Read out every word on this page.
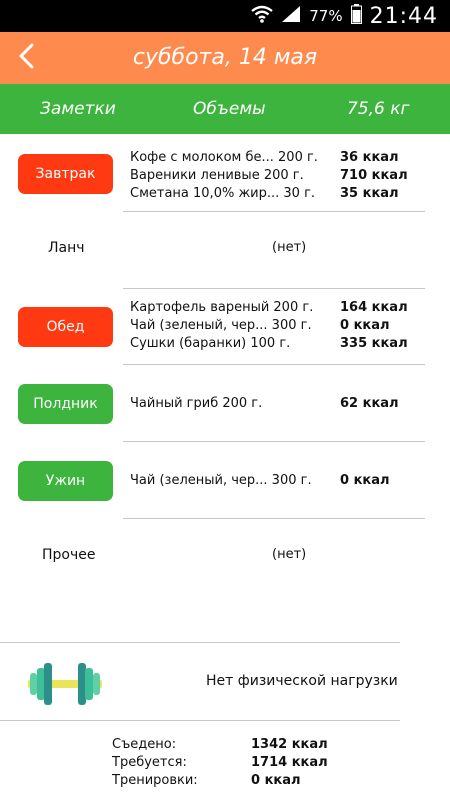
77% 21:44
суббота, 14 мая
Заметки	Объемы	75,6 кг
Завтрак
Кофе с молоком бе... 200 г.	36 ккал
Вареники ленивые 200 г.	710 ккал
Сметана 10,0% жир... 30 г.	35 ккал
Ланч	(нет)
Обед
Картофель вареный 200 г.	164 ккал
Чай (зеленый, чер... 300 г.	0 ккал
Сушки (баранки) 100 г.	335 ккал
Полдник	Чайный гриб 200 г.	62 ккал
Ужин	Чай (зеленый, чер... 300 г.	0 ккал
Прочее	(нет)
Нет физической нагрузки
Съедено:	1342 ккал
Требуется:	1714 ккал
Тренировки:	0 ккал
